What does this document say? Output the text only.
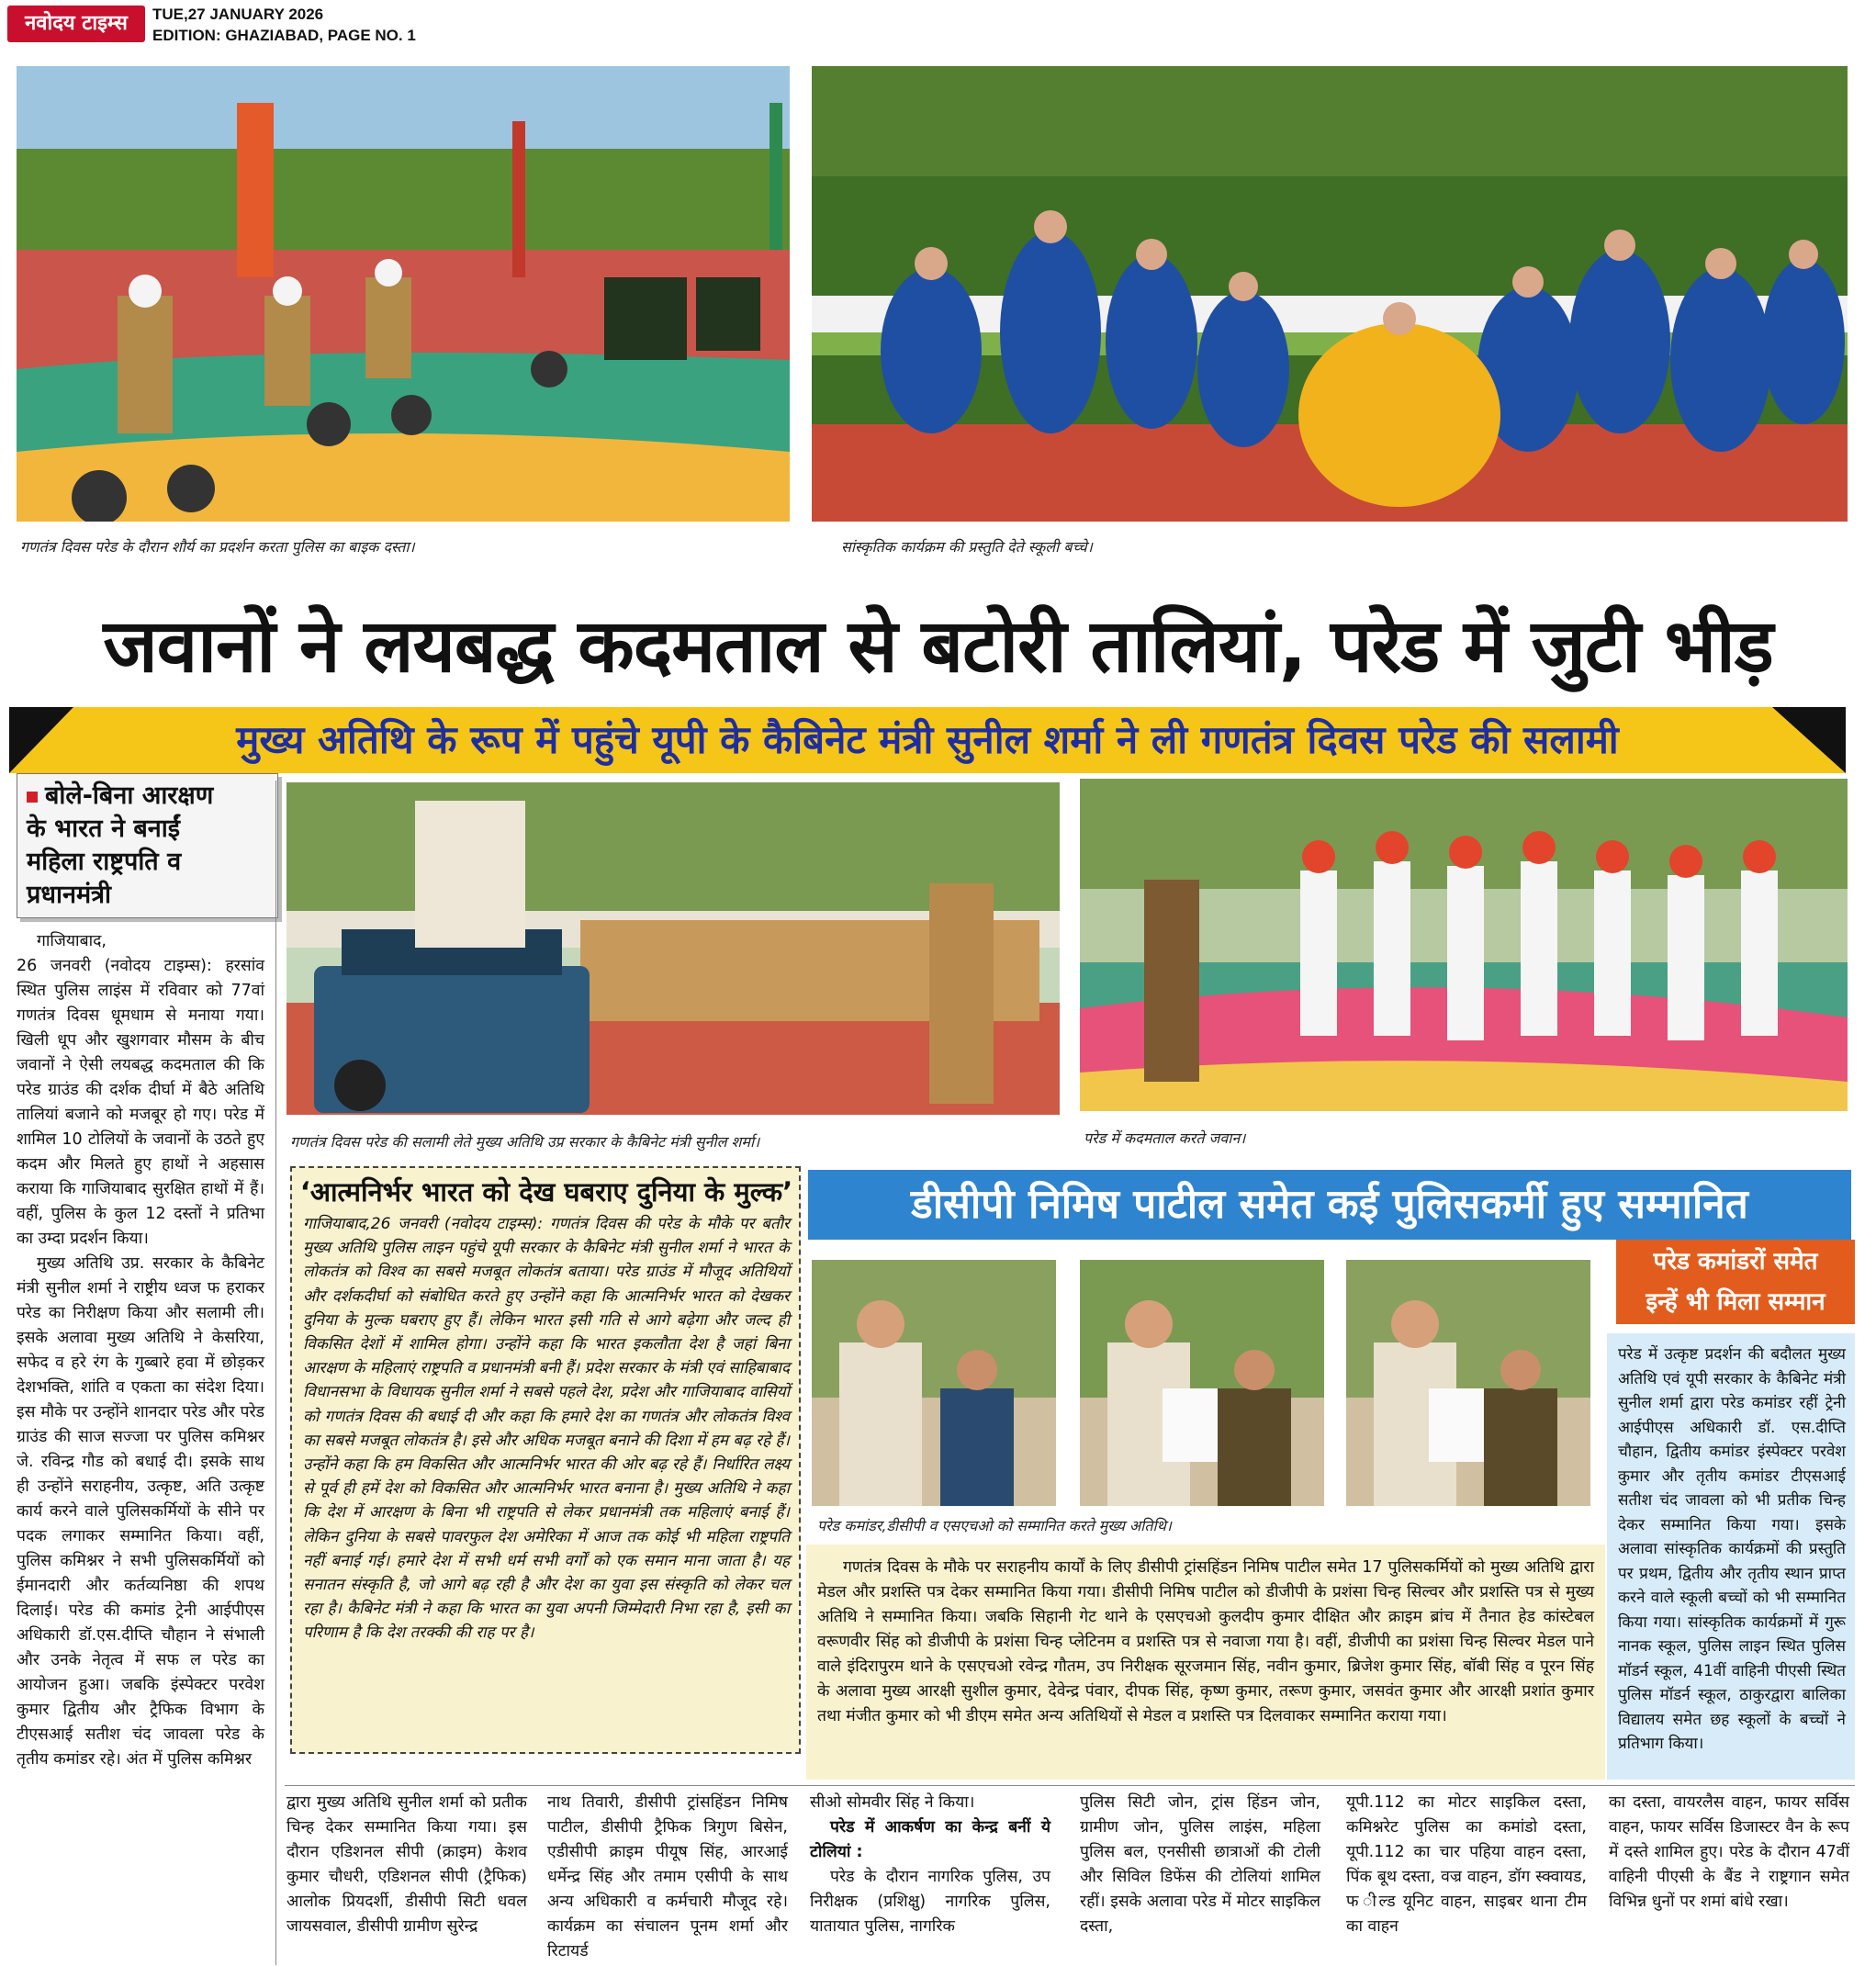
नवोदय टाइम्स	TUE,27 JANUARY 2026
EDITION: GHAZIABAD, PAGE NO. 1
गणतंत्र दिवस परेड के दौरान शौर्य का प्रदर्शन करता पुलिस का बाइक दस्ता।	सांस्कृतिक कार्यक्रम की प्रस्तुति देते स्कूली बच्चे।
जवानों ने लयबद्ध कदमताल से बटोरी तालियां, परेड में जुटी भीड़
मुख्य अतिथि के रूप में पहुंचे यूपी के कैबिनेट मंत्री सुनील शर्मा ने ली गणतंत्र दिवस परेड की सलामी
बोले-बिना आरक्षण
के भारत ने बनाईं
महिला राष्ट्रपति व
प्रधानमंत्री
गाजियाबाद,

26 जनवरी (नवोदय टाइम्स): हरसांव स्थित पुलिस लाइंस में रविवार को 77वां गणतंत्र दिवस धूमधाम से मनाया गया। खिली धूप और खुशगवार मौसम के बीच जवानों ने ऐसी लयबद्ध कदमताल की कि परेड ग्राउंड की दर्शक दीर्घा में बैठे अतिथि तालियां बजाने को मजबूर हो गए। परेड में शामिल 10 टोलियों के जवानों के उठते हुए कदम और मिलते हुए हाथों ने अहसास कराया कि गाजियाबाद सुरक्षित हाथों में हैं। वहीं, पुलिस के कुल 12 दस्तों ने प्रतिभा का उम्दा प्रदर्शन किया।

मुख्य अतिथि उप्र. सरकार के कैबिनेट मंत्री सुनील शर्मा ने राष्ट्रीय ध्वज फ हराकर परेड का निरीक्षण किया और सलामी ली। इसके अलावा मुख्य अतिथि ने केसरिया, सफेद व हरे रंग के गुब्बारे हवा में छोड़कर देशभक्ति, शांति व एकता का संदेश दिया। इस मौके पर उन्होंने शानदार परेड और परेड ग्राउंड की साज सज्जा पर पुलिस कमिश्नर जे. रविन्द्र गौड को बधाई दी। इसके साथ ही उन्होंने सराहनीय, उत्कृष्ट, अति उत्कृष्ट कार्य करने वाले पुलिसकर्मियों के सीने पर पदक लगाकर सम्मानित किया। वहीं, पुलिस कमिश्नर ने सभी पुलिसकर्मियों को ईमानदारी और कर्तव्यनिष्ठा की शपथ दिलाई। परेड की कमांड ट्रेनी आईपीएस अधिकारी डॉ.एस.दीप्ति चौहान ने संभाली और उनके नेतृत्व में सफ ल परेड का आयोजन हुआ। जबकि इंस्पेक्टर परवेश कुमार द्वितीय और ट्रैफिक विभाग के टीएसआई सतीश चंद जावला परेड के तृतीय कमांडर रहे। अंत में पुलिस कमिश्नर

गणतंत्र दिवस परेड की सलामी लेते मुख्य अतिथि उप्र सरकार के कैबिनेट मंत्री सुनील शर्मा।	परेड में कदमताल करते जवान।
‘आत्मनिर्भर भारत को देख घबराए दुनिया के मुल्क’
गाजियाबाद,26 जनवरी (नवोदय टाइम्स): गणतंत्र दिवस की परेड के मौके पर बतौर मुख्य अतिथि पुलिस लाइन पहुंचे यूपी सरकार के कैबिनेट मंत्री सुनील शर्मा ने भारत के लोकतंत्र को विश्व का सबसे मजबूत लोकतंत्र बताया। परेड ग्राउंड में मौजूद अतिथियों और दर्शकदीर्घा को संबोधित करते हुए उन्होंने कहा कि आत्मनिर्भर भारत को देखकर दुनिया के मुल्क घबराए हुए हैं। लेकिन भारत इसी गति से आगे बढ़ेगा और जल्द ही विकसित देशों में शामिल होगा। उन्होंने कहा कि भारत इकलौता देश है जहां बिना आरक्षण के महिलाएं राष्ट्रपति व प्रधानमंत्री बनी हैं। प्रदेश सरकार के मंत्री एवं साहिबाबाद विधानसभा के विधायक सुनील शर्मा ने सबसे पहले देश, प्रदेश और गाजियाबाद वासियों को गणतंत्र दिवस की बधाई दी और कहा कि हमारे देश का गणतंत्र और लोकतंत्र विश्व का सबसे मजबूत लोकतंत्र है। इसे और अधिक मजबूत बनाने की दिशा में हम बढ़ रहे हैं। उन्होंने कहा कि हम विकसित और आत्मनिर्भर भारत की ओर बढ़ रहे हैं। निर्धारित लक्ष्य से पूर्व ही हमें देश को विकसित और आत्मनिर्भर भारत बनाना है। मुख्य अतिथि ने कहा कि देश में आरक्षण के बिना भी राष्ट्रपति से लेकर प्रधानमंत्री तक महिलाएं बनाई हैं। लेकिन दुनिया के सबसे पावरफुल देश अमेरिका में आज तक कोई भी महिला राष्ट्रपति नहीं बनाई गई। हमारे देश में सभी धर्म सभी वर्गों को एक समान माना जाता है। यह सनातन संस्कृति है, जो आगे बढ़ रही है और देश का युवा इस संस्कृति को लेकर चल रहा है। कैबिनेट मंत्री ने कहा कि भारत का युवा अपनी जिम्मेदारी निभा रहा है, इसी का परिणाम है कि देश तरक्की की राह पर है।
डीसीपी निमिष पाटील समेत कई पुलिसकर्मी हुए सम्मानित
परेड कमांडर,डीसीपी व एसएचओ को सम्मानित करते मुख्य अतिथि।
परेड कमांडरों समेत
इन्हें भी मिला सम्मान
परेड में उत्कृष्ट प्रदर्शन की बदौलत मुख्य अतिथि एवं यूपी सरकार के कैबिनेट मंत्री सुनील शर्मा द्वारा परेड कमांडर रहीं ट्रेनी आईपीएस अधिकारी डॉ. एस.दीप्ति चौहान, द्वितीय कमांडर इंस्पेक्टर परवेश कुमार और तृतीय कमांडर टीएसआई सतीश चंद जावला को भी प्रतीक चिन्ह देकर सम्मानित किया गया। इसके अलावा सांस्कृतिक कार्यक्रमों की प्रस्तुति पर प्रथम, द्वितीय और तृतीय स्थान प्राप्त करने वाले स्कूली बच्चों को भी सम्मानित किया गया। सांस्कृतिक कार्यक्रमों में गुरू नानक स्कूल, पुलिस लाइन स्थित पुलिस मॉडर्न स्कूल, 41वीं वाहिनी पीएसी स्थित पुलिस मॉडर्न स्कूल, ठाकुरद्वारा बालिका विद्यालय समेत छह स्कूलों के बच्चों ने प्रतिभाग किया।
गणतंत्र दिवस के मौके पर सराहनीय कार्यों के लिए डीसीपी ट्रांसहिंडन निमिष पाटील समेत 17 पुलिसकर्मियों को मुख्य अतिथि द्वारा मेडल और प्रशस्ति पत्र देकर सम्मानित किया गया। डीसीपी निमिष पाटील को डीजीपी के प्रशंसा चिन्ह सिल्वर और प्रशस्ति पत्र से मुख्य अतिथि ने सम्मानित किया। जबकि सिहानी गेट थाने के एसएचओ कुलदीप कुमार दीक्षित और क्राइम ब्रांच में तैनात हेड कांस्टेबल वरूणवीर सिंह को डीजीपी के प्रशंसा चिन्ह प्लेटिनम व प्रशस्ति पत्र से नवाजा गया है। वहीं, डीजीपी का प्रशंसा चिन्ह सिल्वर मेडल पाने वाले इंदिरापुरम थाने के एसएचओ रवेन्द्र गौतम, उप निरीक्षक सूरजमान सिंह, नवीन कुमार, ब्रिजेश कुमार सिंह, बॉबी सिंह व पूरन सिंह के अलावा मुख्य आरक्षी सुशील कुमार, देवेन्द्र पंवार, दीपक सिंह, कृष्ण कुमार, तरूण कुमार, जसवंत कुमार और आरक्षी प्रशांत कुमार तथा मंजीत कुमार को भी डीएम समेत अन्य अतिथियों से मेडल व प्रशस्ति पत्र दिलवाकर सम्मानित कराया गया।
द्वारा मुख्य अतिथि सुनील शर्मा को प्रतीक चिन्ह देकर सम्मानित किया गया। इस दौरान एडिशनल सीपी (क्राइम) केशव कुमार चौधरी, एडिशनल सीपी (ट्रैफिक) आलोक प्रियदर्शी, डीसीपी सिटी धवल जायसवाल, डीसीपी ग्रामीण सुरेन्द्र
नाथ तिवारी, डीसीपी ट्रांसहिंडन निमिष पाटील, डीसीपी ट्रैफिक त्रिगुण बिसेन, एडीसीपी क्राइम पीयूष सिंह, आरआई धर्मेन्द्र सिंह और तमाम एसीपी के साथ अन्य अधिकारी व कर्मचारी मौजूद रहे। कार्यक्रम का संचालन पूनम शर्मा और रिटायर्ड
सीओ सोमवीर सिंह ने किया।
परेड में आकर्षण का केन्द्र बनीं ये टोलियां :

परेड के दौरान नागरिक पुलिस, उप निरीक्षक (प्रशिक्षु) नागरिक पुलिस, यातायात पुलिस, नागरिक

पुलिस सिटी जोन, ट्रांस हिंडन जोन, ग्रामीण जोन, पुलिस लाइंस, महिला पुलिस बल, एनसीसी छात्राओं की टोली और सिविल डिफेंस की टोलियां शामिल रहीं। इसके अलावा परेड में मोटर साइकिल दस्ता,
यूपी.112 का मोटर साइकिल दस्ता, कमिश्नरेट पुलिस का कमांडो दस्ता, यूपी.112 का चार पहिया वाहन दस्ता, पिंक बूथ दस्ता, वज्र वाहन, डॉग स्क्वायड, फ ील्ड यूनिट वाहन, साइबर थाना टीम का वाहन
का दस्ता, वायरलैस वाहन, फायर सर्विस वाहन, फायर सर्विस डिजास्टर वैन के रूप में दस्ते शामिल हुए। परेड के दौरान 47वीं वाहिनी पीएसी के बैंड ने राष्ट्रगान समेत विभिन्न धुनों पर शमां बांधे रखा।
